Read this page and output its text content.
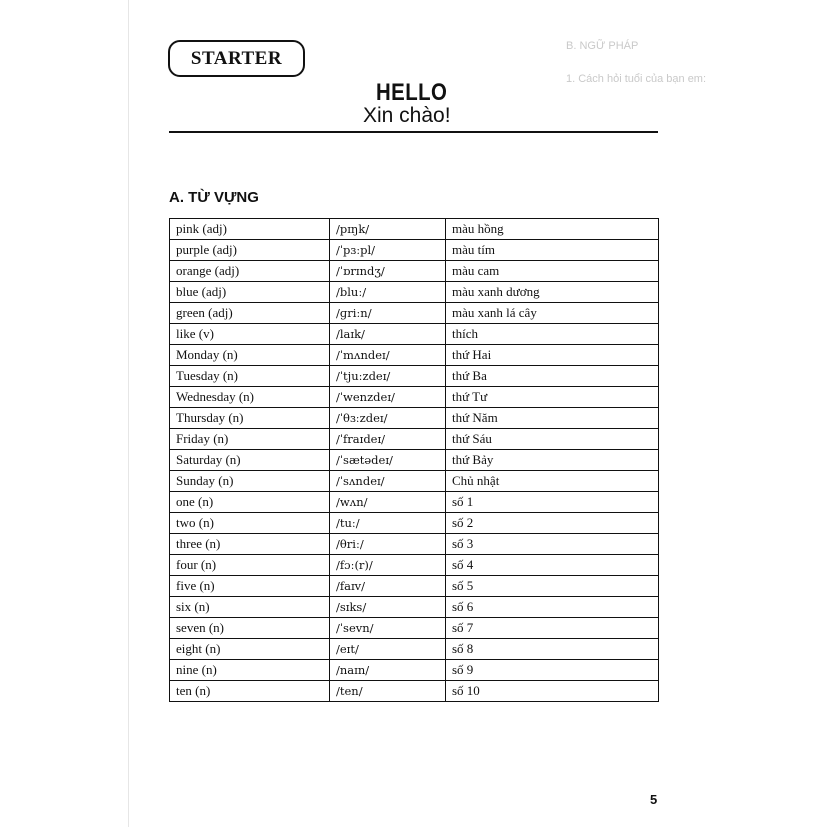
B. NGỮ PHÁP
1. Cách hỏi tuổi của bạn em:
STARTER
HELLO
Xin chào!
A. TỪ VỰNG
pink (adj)	/pɪŋk/	màu hồng
purple (adj)	/ˈpɜːpl/	màu tím
orange (adj)	/ˈɒrɪndʒ/	màu cam
blue (adj)	/bluː/	màu xanh dương
green (adj)	/ɡriːn/	màu xanh lá cây
like (v)	/laɪk/	thích
Monday (n)	/ˈmʌndeɪ/	thứ Hai
Tuesday (n)	/ˈtjuːzdeɪ/	thứ Ba
Wednesday (n)	/ˈwenzdeɪ/	thứ Tư
Thursday (n)	/ˈθɜːzdeɪ/	thứ Năm
Friday (n)	/ˈfraɪdeɪ/	thứ Sáu
Saturday (n)	/ˈsætədeɪ/	thứ Bảy
Sunday (n)	/ˈsʌndeɪ/	Chủ nhật
one (n)	/wʌn/	số 1
two (n)	/tuː/	số 2
three (n)	/θriː/	số 3
four (n)	/fɔː(r)/	số 4
five (n)	/faɪv/	số 5
six (n)	/sɪks/	số 6
seven (n)	/ˈsevn/	số 7
eight (n)	/eɪt/	số 8
nine (n)	/naɪn/	số 9
ten (n)	/ten/	số 10
5
